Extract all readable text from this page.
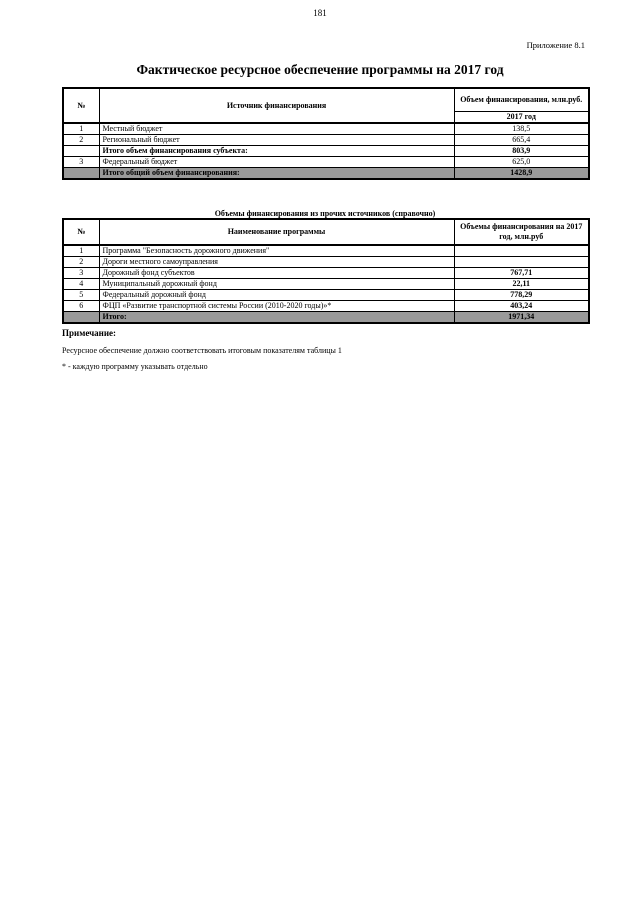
181
Приложение 8.1
Фактическое ресурсное обеспечение программы на 2017 год
№	Источник финансирования	Объем финансирования, млн.руб.
		2017 год
1	Местный бюджет	138,5
2	Региональный бюджет	665,4
	Итого объем финансирования субъекта:	803,9
3	Федеральный бюджет	625,0
	Итого общий объем финансирования:	1428,9
Объемы финансирования из прочих источников (справочно)
№	Наименование программы	Объемы финансирования на 2017 год, млн.руб
1	Программа "Безопасность дорожного движения"	
2	Дороги местного самоуправления	
3	Дорожный фонд субъектов	767,71
4	Муниципальный дорожный фонд	22,11
5	Федеральный дорожный фонд	778,29
6	ФЦП «Развитие транспортной системы России (2010-2020 годы)»*	403,24
	Итого:	1971,34
Примечание:
Ресурсное обеспечение должно соответствовать итоговым показателям таблицы 1
* - каждую программу указывать отдельно
